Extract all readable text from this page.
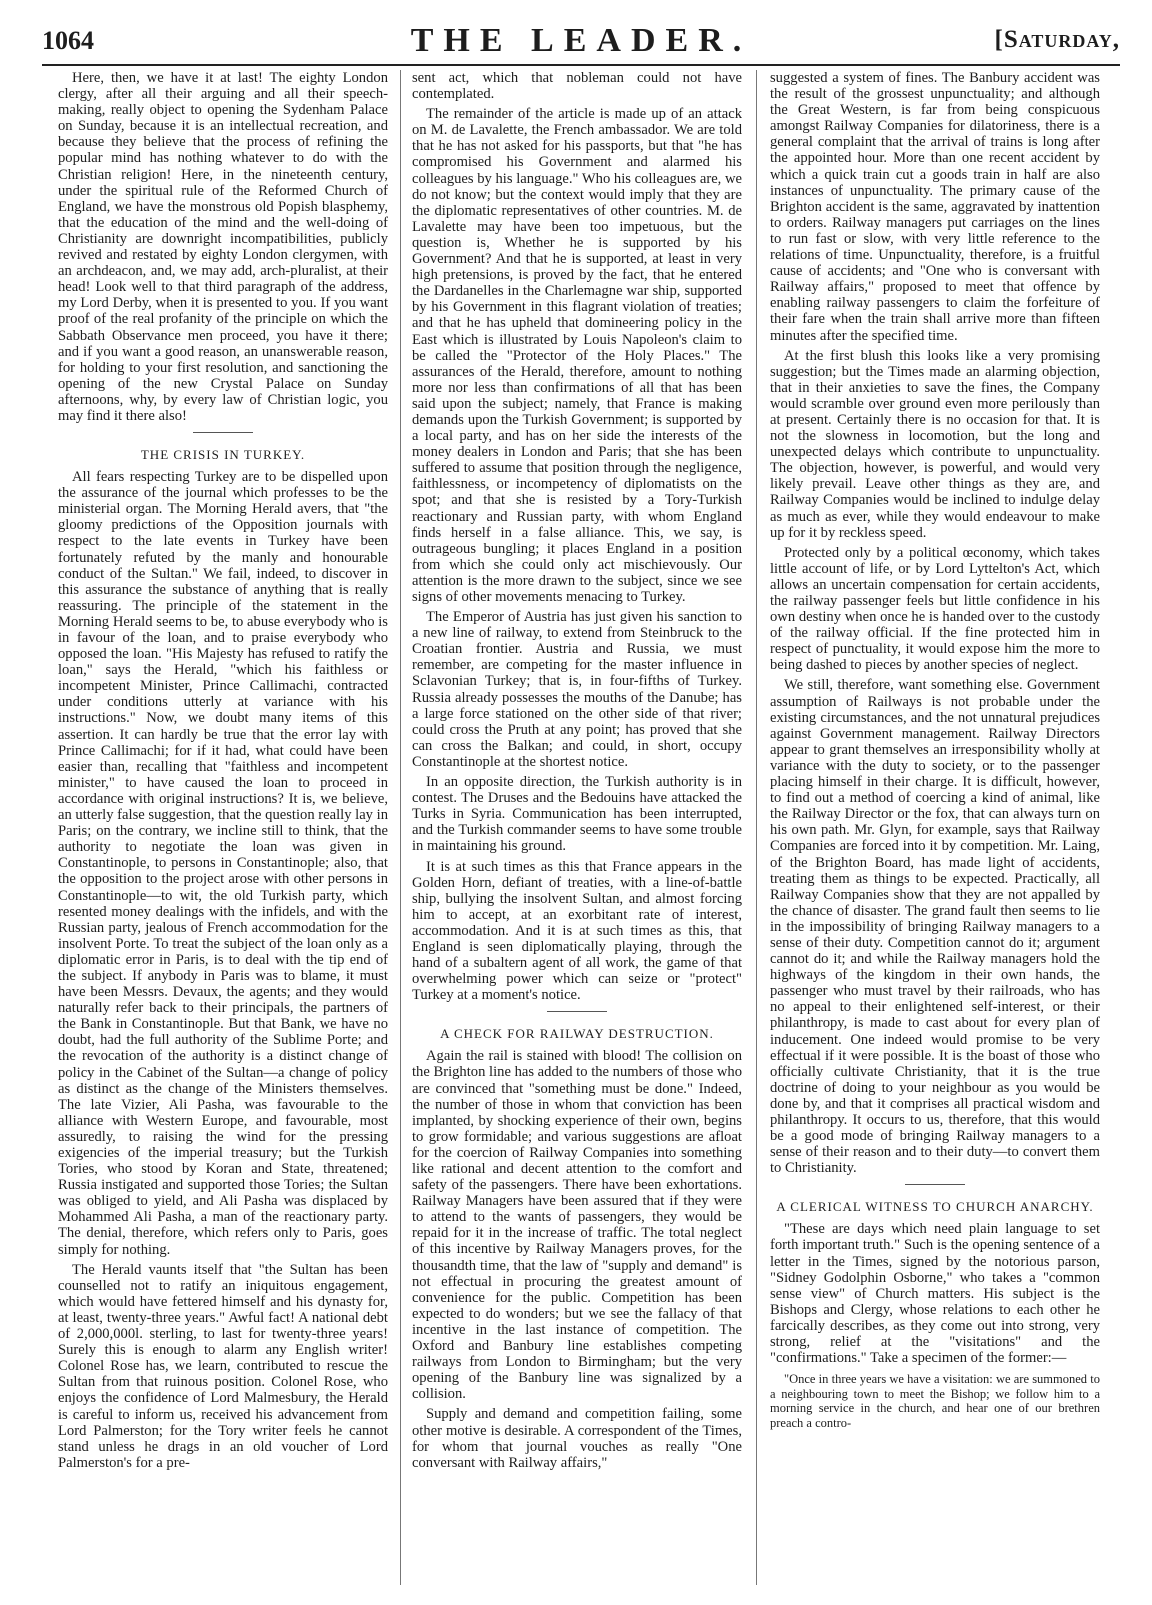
1064	THE LEADER.	[Saturday,

Here, then, we have it at last! The eighty London clergy, after all their arguing and all their speech-making, really object to opening the Sydenham Palace on Sunday, because it is an intellectual recreation, and because they believe that the process of refining the popular mind has nothing whatever to do with the Christian religion! Here, in the nineteenth century, under the spiritual rule of the Reformed Church of England, we have the monstrous old Popish blasphemy, that the education of the mind and the well-doing of Christianity are downright incompatibilities, publicly revived and restated by eighty London clergymen, with an archdeacon, and, we may add, arch-pluralist, at their head! Look well to that third paragraph of the address, my Lord Derby, when it is presented to you. If you want proof of the real profanity of the principle on which the Sabbath Observance men proceed, you have it there; and if you want a good reason, an unanswerable reason, for holding to your first resolution, and sanctioning the opening of the new Crystal Palace on Sunday afternoons, why, by every law of Christian logic, you may find it there also!

THE CRISIS IN TURKEY.

All fears respecting Turkey are to be dispelled upon the assurance of the journal which professes to be the ministerial organ. The Morning Herald avers, that "the gloomy predictions of the Opposition journals with respect to the late events in Turkey have been fortunately refuted by the manly and honourable conduct of the Sultan." We fail, indeed, to discover in this assurance the substance of anything that is really reassuring. The principle of the statement in the Morning Herald seems to be, to abuse everybody who is in favour of the loan, and to praise everybody who opposed the loan. "His Majesty has refused to ratify the loan," says the Herald, "which his faithless or incompetent Minister, Prince Callimachi, contracted under conditions utterly at variance with his instructions." Now, we doubt many items of this assertion. It can hardly be true that the error lay with Prince Callimachi; for if it had, what could have been easier than, recalling that "faithless and incompetent minister," to have caused the loan to proceed in accordance with original instructions? It is, we believe, an utterly false suggestion, that the question really lay in Paris; on the contrary, we incline still to think, that the authority to negotiate the loan was given in Constantinople, to persons in Constantinople; also, that the opposition to the project arose with other persons in Constantinople—to wit, the old Turkish party, which resented money dealings with the infidels, and with the Russian party, jealous of French accommodation for the insolvent Porte. To treat the subject of the loan only as a diplomatic error in Paris, is to deal with the tip end of the subject. If anybody in Paris was to blame, it must have been Messrs. Devaux, the agents; and they would naturally refer back to their principals, the partners of the Bank in Constantinople. But that Bank, we have no doubt, had the full authority of the Sublime Porte; and the revocation of the authority is a distinct change of policy in the Cabinet of the Sultan—a change of policy as distinct as the change of the Ministers themselves. The late Vizier, Ali Pasha, was favourable to the alliance with Western Europe, and favourable, most assuredly, to raising the wind for the pressing exigencies of the imperial treasury; but the Turkish Tories, who stood by Koran and State, threatened; Russia instigated and supported those Tories; the Sultan was obliged to yield, and Ali Pasha was displaced by Mohammed Ali Pasha, a man of the reactionary party. The denial, therefore, which refers only to Paris, goes simply for nothing.

The Herald vaunts itself that "the Sultan has been counselled not to ratify an iniquitous engagement, which would have fettered himself and his dynasty for, at least, twenty-three years." Awful fact! A national debt of 2,000,000l. sterling, to last for twenty-three years! Surely this is enough to alarm any English writer! Colonel Rose has, we learn, contributed to rescue the Sultan from that ruinous position. Colonel Rose, who enjoys the confidence of Lord Malmesbury, the Herald is careful to inform us, received his advancement from Lord Palmerston; for the Tory writer feels he cannot stand unless he drags in an old voucher of Lord Palmerston's for a pre-

sent act, which that nobleman could not have contemplated.

The remainder of the article is made up of an attack on M. de Lavalette, the French ambassador. We are told that he has not asked for his passports, but that "he has compromised his Government and alarmed his colleagues by his language." Who his colleagues are, we do not know; but the context would imply that they are the diplomatic representatives of other countries. M. de Lavalette may have been too impetuous, but the question is, Whether he is supported by his Government? And that he is supported, at least in very high pretensions, is proved by the fact, that he entered the Dardanelles in the Charlemagne war ship, supported by his Government in this flagrant violation of treaties; and that he has upheld that domineering policy in the East which is illustrated by Louis Napoleon's claim to be called the "Protector of the Holy Places." The assurances of the Herald, therefore, amount to nothing more nor less than confirmations of all that has been said upon the subject; namely, that France is making demands upon the Turkish Government; is supported by a local party, and has on her side the interests of the money dealers in London and Paris; that she has been suffered to assume that position through the negligence, faithlessness, or incompetency of diplomatists on the spot; and that she is resisted by a Tory-Turkish reactionary and Russian party, with whom England finds herself in a false alliance. This, we say, is outrageous bungling; it places England in a position from which she could only act mischievously. Our attention is the more drawn to the subject, since we see signs of other movements menacing to Turkey.

The Emperor of Austria has just given his sanction to a new line of railway, to extend from Steinbruck to the Croatian frontier. Austria and Russia, we must remember, are competing for the master influence in Sclavonian Turkey; that is, in four-fifths of Turkey. Russia already possesses the mouths of the Danube; has a large force stationed on the other side of that river; could cross the Pruth at any point; has proved that she can cross the Balkan; and could, in short, occupy Constantinople at the shortest notice.

In an opposite direction, the Turkish authority is in contest. The Druses and the Bedouins have attacked the Turks in Syria. Communication has been interrupted, and the Turkish commander seems to have some trouble in maintaining his ground.

It is at such times as this that France appears in the Golden Horn, defiant of treaties, with a line-of-battle ship, bullying the insolvent Sultan, and almost forcing him to accept, at an exorbitant rate of interest, accommodation. And it is at such times as this, that England is seen diplomatically playing, through the hand of a subaltern agent of all work, the game of that overwhelming power which can seize or "protect" Turkey at a moment's notice.

A CHECK FOR RAILWAY DESTRUCTION.

Again the rail is stained with blood! The collision on the Brighton line has added to the numbers of those who are convinced that "something must be done." Indeed, the number of those in whom that conviction has been implanted, by shocking experience of their own, begins to grow formidable; and various suggestions are afloat for the coercion of Railway Companies into something like rational and decent attention to the comfort and safety of the passengers. There have been exhortations. Railway Managers have been assured that if they were to attend to the wants of passengers, they would be repaid for it in the increase of traffic. The total neglect of this incentive by Railway Managers proves, for the thousandth time, that the law of "supply and demand" is not effectual in procuring the greatest amount of convenience for the public. Competition has been expected to do wonders; but we see the fallacy of that incentive in the last instance of competition. The Oxford and Banbury line establishes competing railways from London to Birmingham; but the very opening of the Banbury line was signalized by a collision.

Supply and demand and competition failing, some other motive is desirable. A correspondent of the Times, for whom that journal vouches as really "One conversant with Railway affairs,"

suggested a system of fines. The Banbury accident was the result of the grossest unpunctuality; and although the Great Western, is far from being conspicuous amongst Railway Companies for dilatoriness, there is a general complaint that the arrival of trains is long after the appointed hour. More than one recent accident by which a quick train cut a goods train in half are also instances of unpunctuality. The primary cause of the Brighton accident is the same, aggravated by inattention to orders. Railway managers put carriages on the lines to run fast or slow, with very little reference to the relations of time. Unpunctuality, therefore, is a fruitful cause of accidents; and "One who is conversant with Railway affairs," proposed to meet that offence by enabling railway passengers to claim the forfeiture of their fare when the train shall arrive more than fifteen minutes after the specified time.

At the first blush this looks like a very promising suggestion; but the Times made an alarming objection, that in their anxieties to save the fines, the Company would scramble over ground even more perilously than at present. Certainly there is no occasion for that. It is not the slowness in locomotion, but the long and unexpected delays which contribute to unpunctuality. The objection, however, is powerful, and would very likely prevail. Leave other things as they are, and Railway Companies would be inclined to indulge delay as much as ever, while they would endeavour to make up for it by reckless speed.

Protected only by a political œconomy, which takes little account of life, or by Lord Lyttelton's Act, which allows an uncertain compensation for certain accidents, the railway passenger feels but little confidence in his own destiny when once he is handed over to the custody of the railway official. If the fine protected him in respect of punctuality, it would expose him the more to being dashed to pieces by another species of neglect.

We still, therefore, want something else. Government assumption of Railways is not probable under the existing circumstances, and the not unnatural prejudices against Government management. Railway Directors appear to grant themselves an irresponsibility wholly at variance with the duty to society, or to the passenger placing himself in their charge. It is difficult, however, to find out a method of coercing a kind of animal, like the Railway Director or the fox, that can always turn on his own path. Mr. Glyn, for example, says that Railway Companies are forced into it by competition. Mr. Laing, of the Brighton Board, has made light of accidents, treating them as things to be expected. Practically, all Railway Companies show that they are not appalled by the chance of disaster. The grand fault then seems to lie in the impossibility of bringing Railway managers to a sense of their duty. Competition cannot do it; argument cannot do it; and while the Railway managers hold the highways of the kingdom in their own hands, the passenger who must travel by their railroads, who has no appeal to their enlightened self-interest, or their philanthropy, is made to cast about for every plan of inducement. One indeed would promise to be very effectual if it were possible. It is the boast of those who officially cultivate Christianity, that it is the true doctrine of doing to your neighbour as you would be done by, and that it comprises all practical wisdom and philanthropy. It occurs to us, therefore, that this would be a good mode of bringing Railway managers to a sense of their reason and to their duty—to convert them to Christianity.

A CLERICAL WITNESS TO CHURCH ANARCHY.

"These are days which need plain language to set forth important truth." Such is the opening sentence of a letter in the Times, signed by the notorious parson, "Sidney Godolphin Osborne," who takes a "common sense view" of Church matters. His subject is the Bishops and Clergy, whose relations to each other he farcically describes, as they come out into strong, very strong, relief at the "visitations" and the "confirmations." Take a specimen of the former:—

"Once in three years we have a visitation: we are summoned to a neighbouring town to meet the Bishop; we follow him to a morning service in the church, and hear one of our brethren preach a contro-
